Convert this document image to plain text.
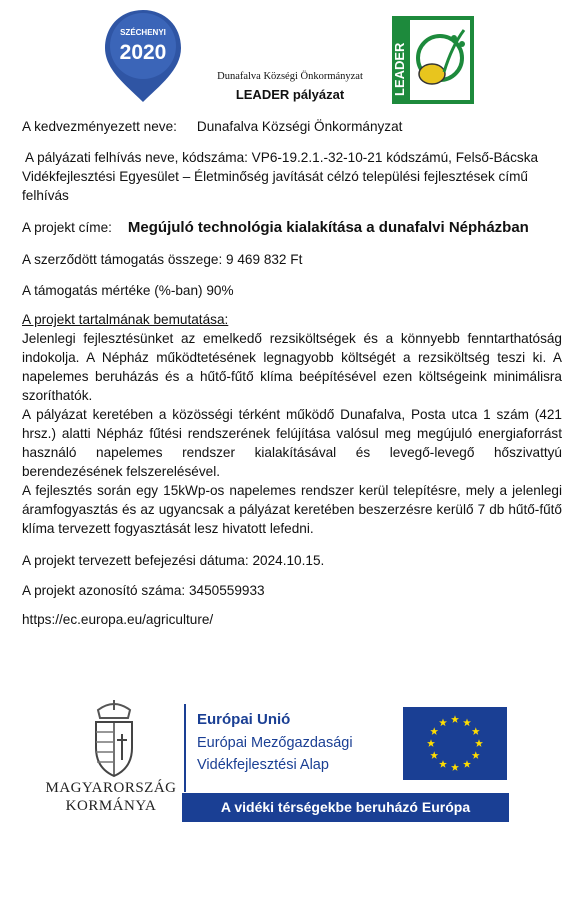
SZÉCHENYI
2020	LEADER
Dunafalva Községi Önkormányzat
LEADER pályázat
A kedvezményezett neve: Dunafalva Községi Önkormányzat
A pályázati felhívás neve, kódszáma: VP6-19.2.1.-32-10-21 kódszámú, Felső-Bácska
Vidékfejlesztési Egyesület – Életminőség javítását célzó települési fejlesztések című
felhívás
A projekt címe: Megújuló technológia kialakítása a dunafalvi Népházban
A szerződött támogatás összege: 9 469 832 Ft
A támogatás mértéke (%-ban) 90%
A projekt tartalmának bemutatása:
Jelenlegi fejlesztésünket az emelkedő rezsiköltségek és a könnyebb fenntarthatóság indokolja. A Népház működtetésének legnagyobb költségét a rezsiköltség teszi ki. A napelemes beruházás és a hűtő-fűtő klíma beépítésével ezen költségeink minimálisra szoríthatók.
A pályázat keretében a közösségi térként működő Dunafalva, Posta utca 1 szám (421 hrsz.) alatti Népház fűtési rendszerének felújítása valósul meg megújuló energiaforrást használó napelemes rendszer kialakításával és levegő-levegő hőszivattyú berendezésének felszerelésével.
A fejlesztés során egy 15kWp-os napelemes rendszer kerül telepítésre, mely a jelenlegi áramfogyasztás és az ugyancsak a pályázat keretében beszerzésre kerülő 7 db hűtő-fűtő klíma tervezett fogyasztását lesz hivatott lefedni.
A projekt tervezett befejezési dátuma: 2024.10.15.
A projekt azonosító száma: 3450559933
https://ec.europa.eu/agriculture/
MAGYARORSZÁG
KORMÁNYA
Európai Unió
Európai Mezőgazdasági
Vidékfejlesztési Alap
A vidéki térségekbe beruházó Európa
